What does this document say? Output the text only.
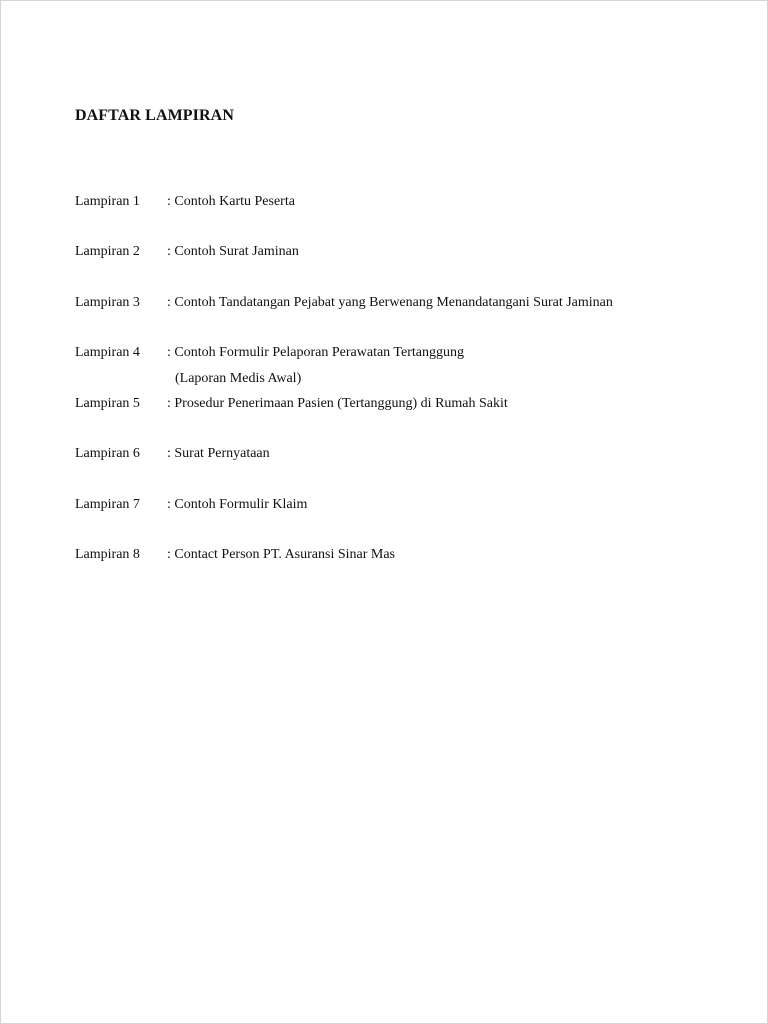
DAFTAR LAMPIRAN
Lampiran 1 : Contoh Kartu Peserta
Lampiran 2 : Contoh Surat Jaminan
Lampiran 3 : Contoh Tandatangan Pejabat yang Berwenang Menandatangani Surat Jaminan
Lampiran 4 : Contoh Formulir Pelaporan Perawatan Tertanggung
(Laporan Medis Awal)
Lampiran 5 : Prosedur Penerimaan Pasien (Tertanggung) di Rumah Sakit
Lampiran 6 : Surat Pernyataan
Lampiran 7 : Contoh Formulir Klaim
Lampiran 8 : Contact Person PT. Asuransi Sinar Mas
